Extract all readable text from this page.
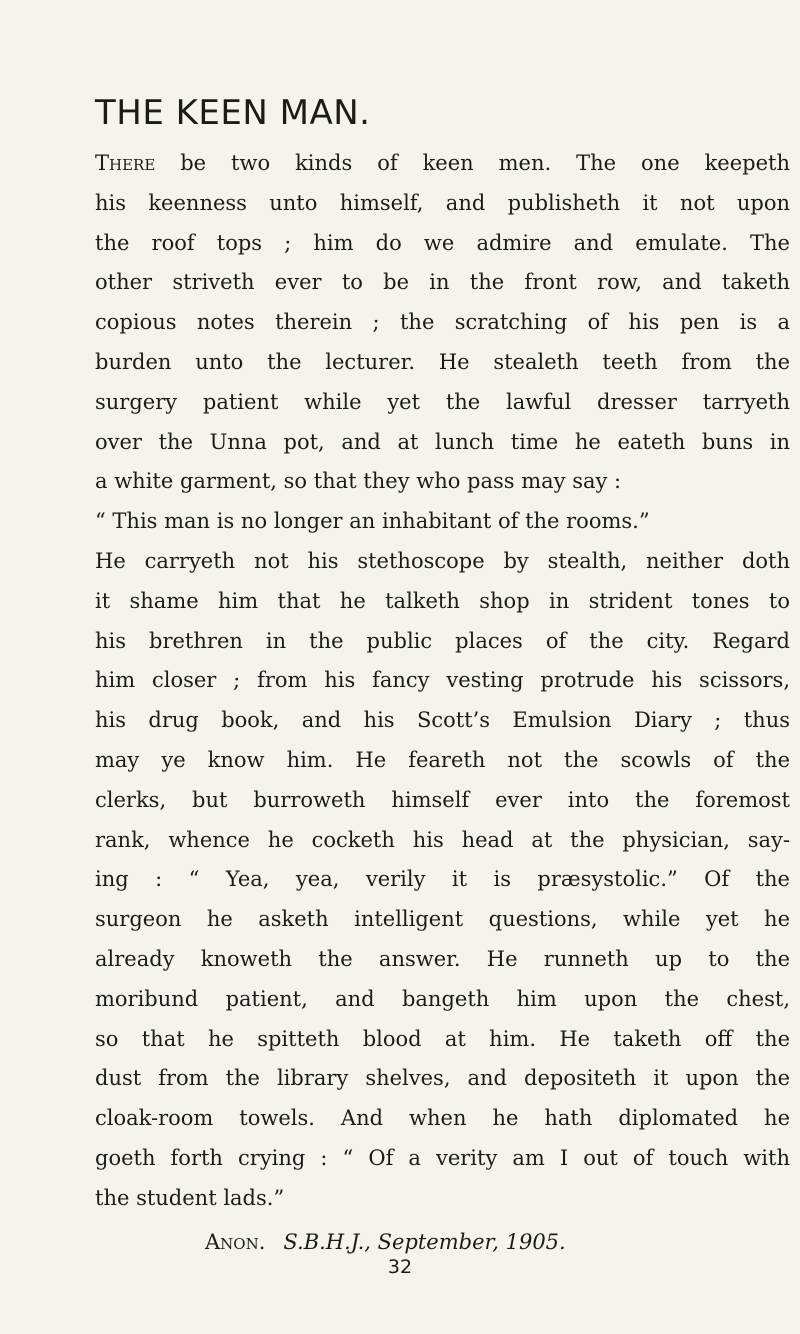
THE KEEN MAN.
There be two kinds of keen men. The one keepeth
his keenness unto himself, and publisheth it not upon
the roof tops ; him do we admire and emulate. The
other striveth ever to be in the front row, and taketh
copious notes therein ; the scratching of his pen is a
burden unto the lecturer. He stealeth teeth from the
surgery patient while yet the lawful dresser tarryeth
over the Unna pot, and at lunch time he eateth buns in
a white garment, so that they who pass may say :
“ This man is no longer an inhabitant of the rooms.”
He carryeth not his stethoscope by stealth, neither doth
it shame him that he talketh shop in strident tones to
his brethren in the public places of the city. Regard
him closer ; from his fancy vesting protrude his scissors,
his drug book, and his Scott’s Emulsion Diary ; thus
may ye know him. He feareth not the scowls of the
clerks, but burroweth himself ever into the foremost
rank, whence he cocketh his head at the physician, say-
ing : “ Yea, yea, verily it is præsystolic.” Of the
surgeon he asketh intelligent questions, while yet he
already knoweth the answer. He runneth up to the
moribund patient, and bangeth him upon the chest,
so that he spitteth blood at him. He taketh off the
dust from the library shelves, and depositeth it upon the
cloak-room towels. And when he hath diplomated he
goeth forth crying : “ Of a verity am I out of touch with
the student lads.”
Anon. S.B.H.J., September, 1905.
32
